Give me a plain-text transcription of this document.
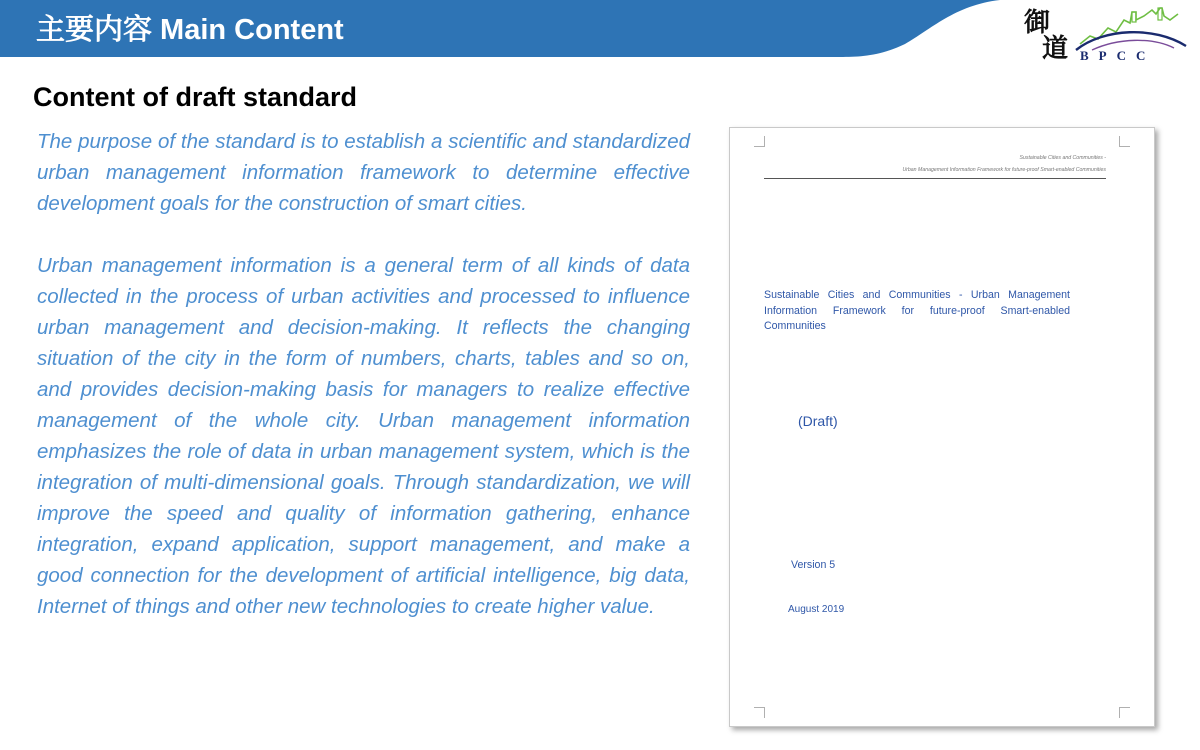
主要内容 Main Content	御
道 BPCC
Content of draft standard

The purpose of the standard is to establish a scientific and standardized urban management information framework to determine effective development goals for the construction of smart cities.

Urban management information is a general term of all kinds of data collected in the process of urban activities and processed to influence urban management and decision-making. It reflects the changing situation of the city in the form of numbers, charts, tables and so on, and provides decision-making basis for managers to realize effective management of the whole city. Urban management information emphasizes the role of data in urban management system, which is the integration of multi-dimensional goals. Through standardization, we will improve the speed and quality of information gathering, enhance integration, expand application, support management, and make a good connection for the development of artificial intelligence, big data, Internet of things and other new technologies to create higher value.

Sustainable Cities and Communities -
Urban Management Information Framework for future-proof Smart-enabled Communities
Sustainable Cities and Communities - Urban Management Information Framework for future-proof Smart-enabled Communities
(Draft)
Version 5
August 2019
